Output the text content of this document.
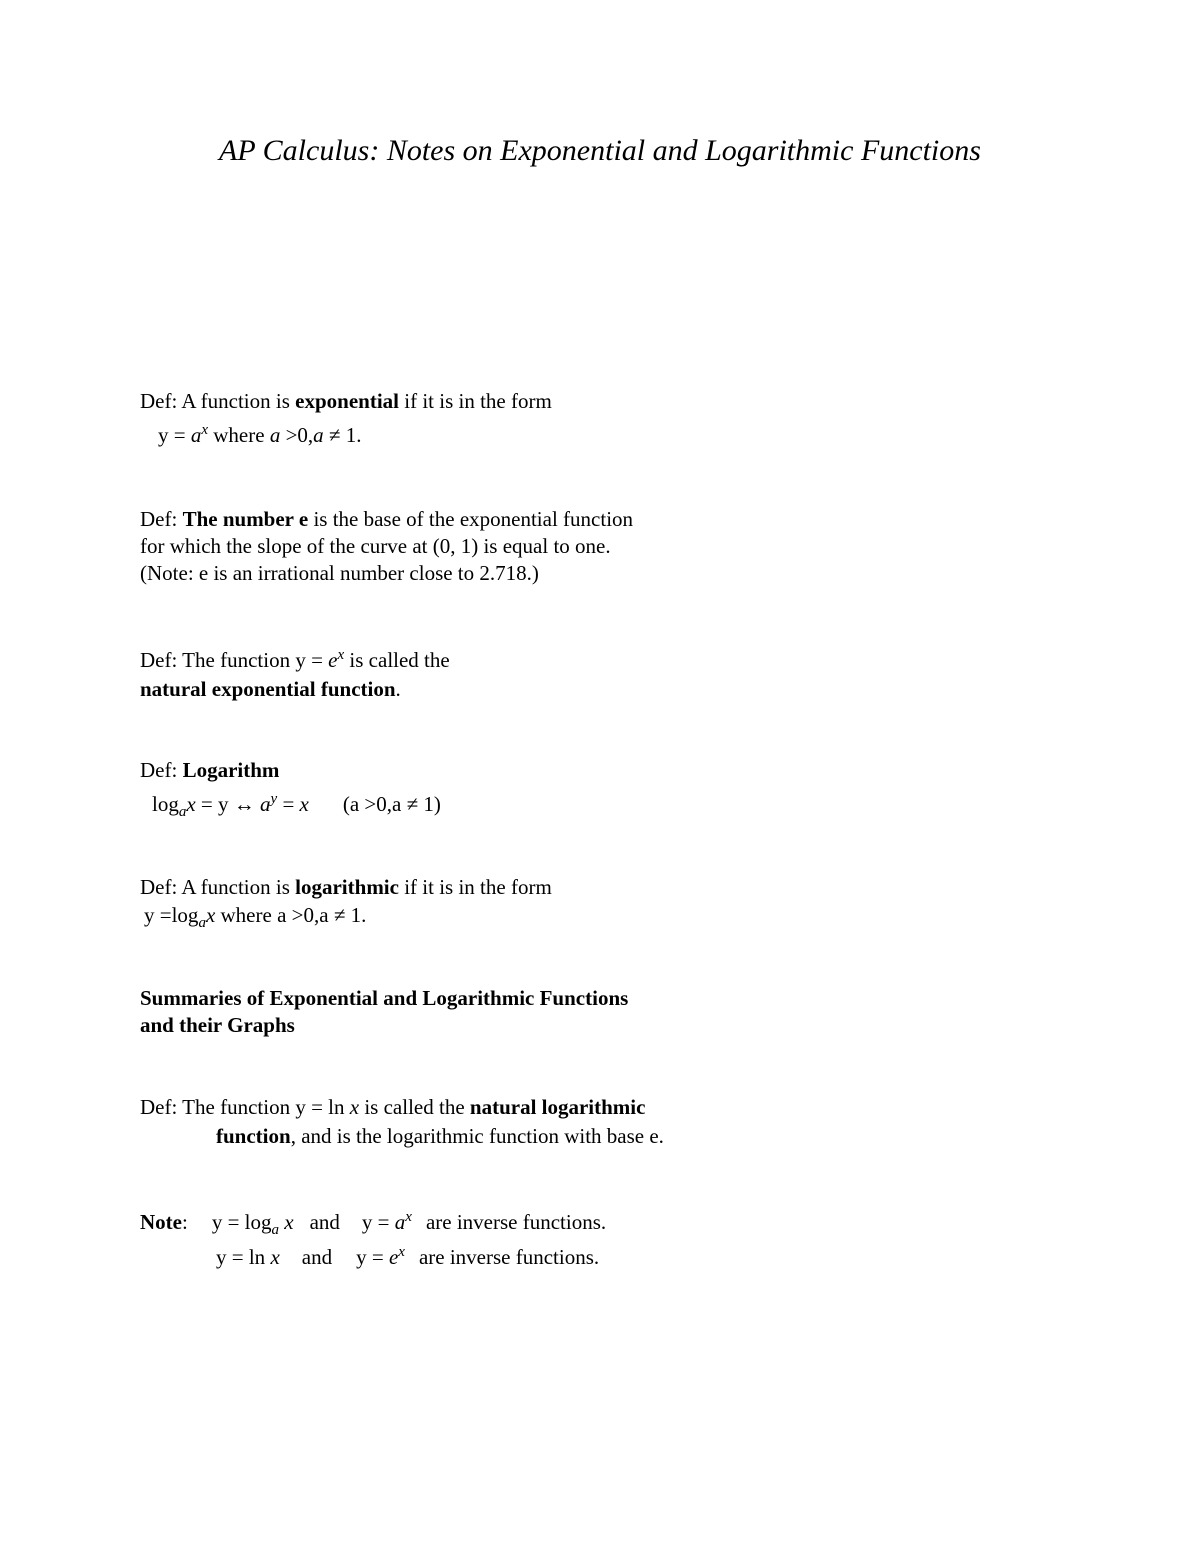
AP Calculus: Notes on Exponential and Logarithmic Functions
Def: A function is exponential if it is in the form
$y = a^x$ where a >0,a ≠ 1.
Def: The number e is the base of the exponential function
for which the slope of the curve at (0, 1) is equal to one.
(Note: e is an irrational number close to 2.718.)
Def: The function $y = e^x$ is called the
natural exponential function.
Def: Logarithm
$\log_ax = y$ ↔ $a^y = x$ (a >0,a ≠ 1)
Def: A function is logarithmic if it is in the form
$y =\log_ax$ where a >0,a ≠ 1.
Summaries of Exponential and Logarithmic Functions
and their Graphs
Def: The function y = ln x is called the natural logarithmic
function, and is the logarithmic function with base e.
Note: $y = \log_a x$ and $y = a^x$ are inverse functions.
y = ln x and $y = e^x$ are inverse functions.
